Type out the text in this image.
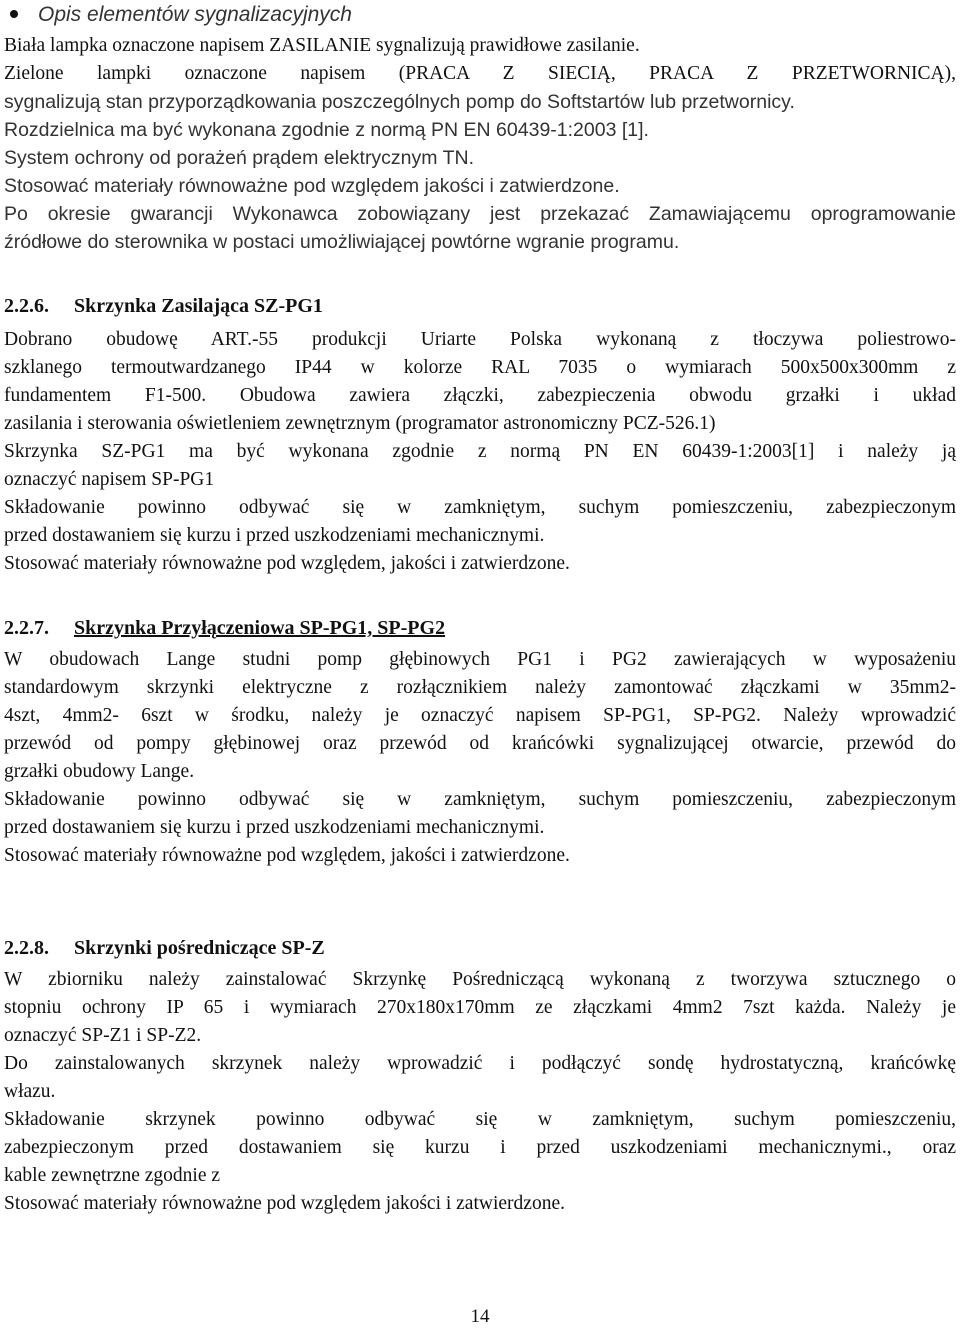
Opis elementów sygnalizacyjnych
Biała lampka oznaczone napisem ZASILANIE sygnalizują prawidłowe zasilanie.
Zielone lampki oznaczone napisem (PRACA Z SIECIĄ, PRACA Z PRZETWORNICĄ),
sygnalizują stan przyporządkowania poszczególnych pomp do Softstartów lub przetwornicy.
Rozdzielnica ma być wykonana zgodnie z normą PN EN 60439-1:2003 [1].
System ochrony od porażeń prądem elektrycznym TN.
Stosować materiały równoważne pod względem jakości i zatwierdzone.
Po okresie gwarancji Wykonawca zobowiązany jest przekazać Zamawiającemu oprogramowanie
źródłowe do sterownika w postaci umożliwiającej powtórne wgranie programu.
2.2.6. Skrzynka Zasilająca SZ-PG1
Dobrano obudowę ART.-55 produkcji Uriarte Polska wykonaną z tłoczywa poliestrowo-
szklanego termoutwardzanego IP44 w kolorze RAL 7035 o wymiarach 500x500x300mm z
fundamentem F1-500. Obudowa zawiera złączki, zabezpieczenia obwodu grzałki i układ
zasilania i sterowania oświetleniem zewnętrznym (programator astronomiczny PCZ-526.1)
Skrzynka SZ-PG1 ma być wykonana zgodnie z normą PN EN 60439-1:2003[1] i należy ją
oznaczyć napisem SP-PG1
Składowanie powinno odbywać się w zamkniętym, suchym pomieszczeniu, zabezpieczonym
przed dostawaniem się kurzu i przed uszkodzeniami mechanicznymi.
Stosować materiały równoważne pod względem, jakości i zatwierdzone.
2.2.7. Skrzynka Przyłączeniowa SP-PG1, SP-PG2
W obudowach Lange studni pomp głębinowych PG1 i PG2 zawierających w wyposażeniu
standardowym skrzynki elektryczne z rozłącznikiem należy zamontować złączkami w 35mm2-
4szt, 4mm2- 6szt w środku, należy je oznaczyć napisem SP-PG1, SP-PG2. Należy wprowadzić
przewód od pompy głębinowej oraz przewód od krańcówki sygnalizującej otwarcie, przewód do
grzałki obudowy Lange.
Składowanie powinno odbywać się w zamkniętym, suchym pomieszczeniu, zabezpieczonym
przed dostawaniem się kurzu i przed uszkodzeniami mechanicznymi.
Stosować materiały równoważne pod względem, jakości i zatwierdzone.
2.2.8. Skrzynki pośredniczące SP-Z
W zbiorniku należy zainstalować Skrzynkę Pośredniczącą wykonaną z tworzywa sztucznego o
stopniu ochrony IP 65 i wymiarach 270x180x170mm ze złączkami 4mm2 7szt każda. Należy je
oznaczyć SP-Z1 i SP-Z2.
Do zainstalowanych skrzynek należy wprowadzić i podłączyć sondę hydrostatyczną, krańcówkę
włazu.
Składowanie skrzynek powinno odbywać się w zamkniętym, suchym pomieszczeniu,
zabezpieczonym przed dostawaniem się kurzu i przed uszkodzeniami mechanicznymi., oraz
kable zewnętrzne zgodnie z
Stosować materiały równoważne pod względem jakości i zatwierdzone.
14
